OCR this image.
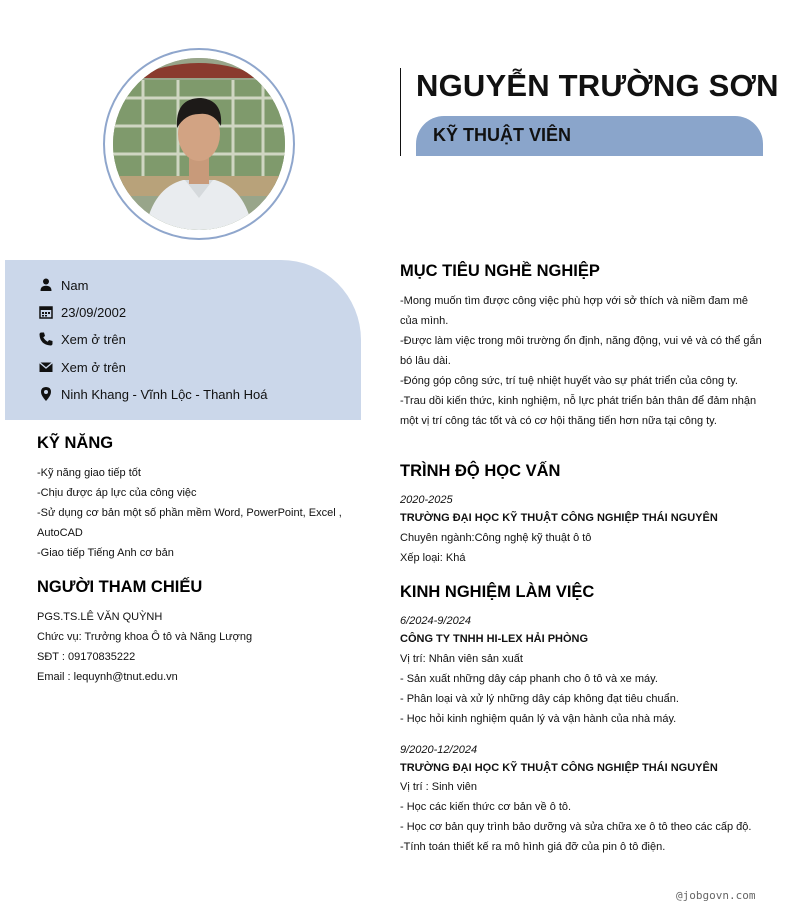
NGUYỄN TRƯỜNG SƠN
KỸ THUẬT VIÊN
Nam
23/09/2002
Xem ở trên
Xem ở trên
Ninh Khang - Vĩnh Lộc - Thanh Hoá
KỸ NĂNG
-Kỹ năng giao tiếp tốt
-Chịu được áp lực của công việc
-Sử dụng cơ bản một số phần mềm Word, PowerPoint, Excel ,
AutoCAD
-Giao tiếp Tiếng Anh cơ bản
NGƯỜI THAM CHIẾU
PGS.TS.LÊ VĂN QUỲNH
Chức vụ: Trưởng khoa Ô tô và Năng Lượng
SĐT : 09170835222
Email : lequynh@tnut.edu.vn
MỤC TIÊU NGHỀ NGHIỆP
-Mong muốn tìm được công việc phù hợp với sở thích và niềm đam mê
của mình.
-Được làm việc trong môi trường ổn định, năng động, vui vẻ và có thể gắn
bó lâu dài.
-Đóng góp công sức, trí tuệ nhiệt huyết vào sự phát triển của công ty.
-Trau dồi kiến thức, kinh nghiệm, nỗ lực phát triển bản thân để đảm nhận
một vị trí công tác tốt và có cơ hội thăng tiến hơn nữa tại công ty.
TRÌNH ĐỘ HỌC VẤN
2020-2025
TRƯỜNG ĐẠI HỌC KỸ THUẬT CÔNG NGHIỆP THÁI NGUYÊN
Chuyên ngành:Công nghệ kỹ thuật ô tô
Xếp loại: Khá
KINH NGHIỆM LÀM VIỆC
6/2024-9/2024
CÔNG TY TNHH HI-LEX HẢI PHÒNG
Vị trí: Nhân viên sản xuất
- Sản xuất những dây cáp phanh cho ô tô và xe máy.
- Phân loại và xử lý những dây cáp không đạt tiêu chuẩn.
- Học hỏi kinh nghiệm quản lý và vận hành của nhà máy.
9/2020-12/2024
TRƯỜNG ĐẠI HỌC KỸ THUẬT CÔNG NGHIỆP THÁI NGUYÊN
Vị trí : Sinh viên
- Học các kiến thức cơ bản về ô tô.
- Học cơ bản quy trình bảo dưỡng và sửa chữa xe ô tô theo các cấp độ.
-Tính toán thiết kế ra mô hình giá đỡ của pin ô tô điện.
@jobgovn.com
